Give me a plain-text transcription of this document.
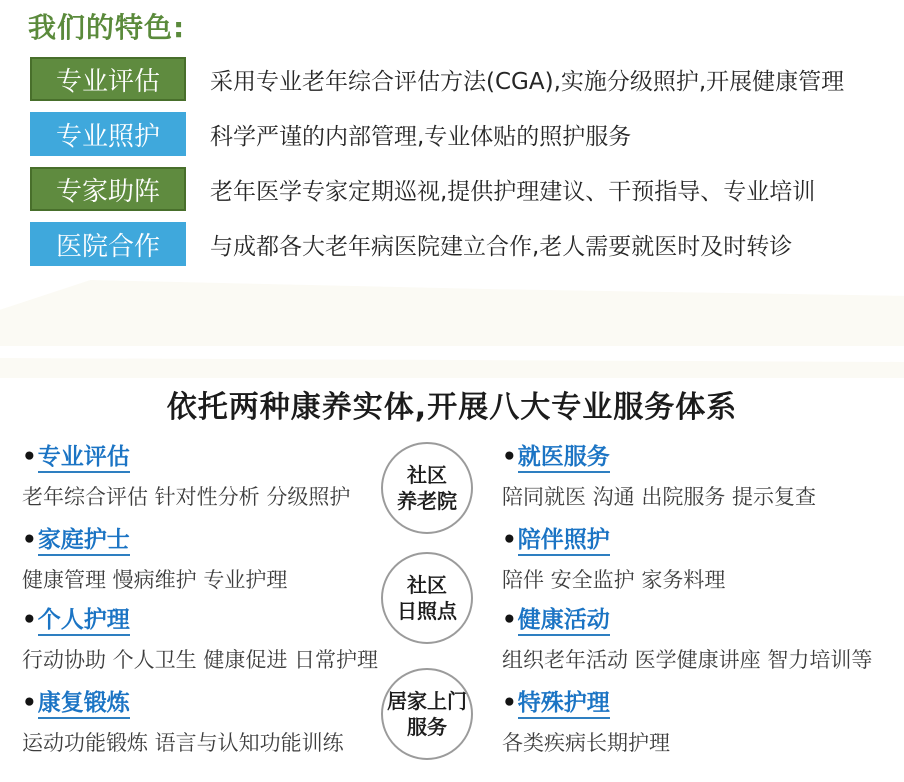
我们的特色:
专业评估 采用专业老年综合评估方法(CGA),实施分级照护,开展健康管理
专业照护 科学严谨的内部管理,专业体贴的照护服务
专家助阵 老年医学专家定期巡视,提供护理建议、干预指导、专业培训
医院合作 与成都各大老年病医院建立合作,老人需要就医时及时转诊
依托两种康养实体,开展八大专业服务体系
•专业评估
老年综合评估 针对性分析 分级照护
•家庭护士
健康管理 慢病维护 专业护理
•个人护理
行动协助 个人卫生 健康促进 日常护理
•康复锻炼
运动功能锻炼 语言与认知功能训练
•就医服务
陪同就医 沟通 出院服务 提示复查
•陪伴照护
陪伴 安全监护 家务料理
•健康活动
组织老年活动 医学健康讲座 智力培训等
•特殊护理
各类疾病长期护理
社区
养老院
社区
日照点
居家上门
服务
